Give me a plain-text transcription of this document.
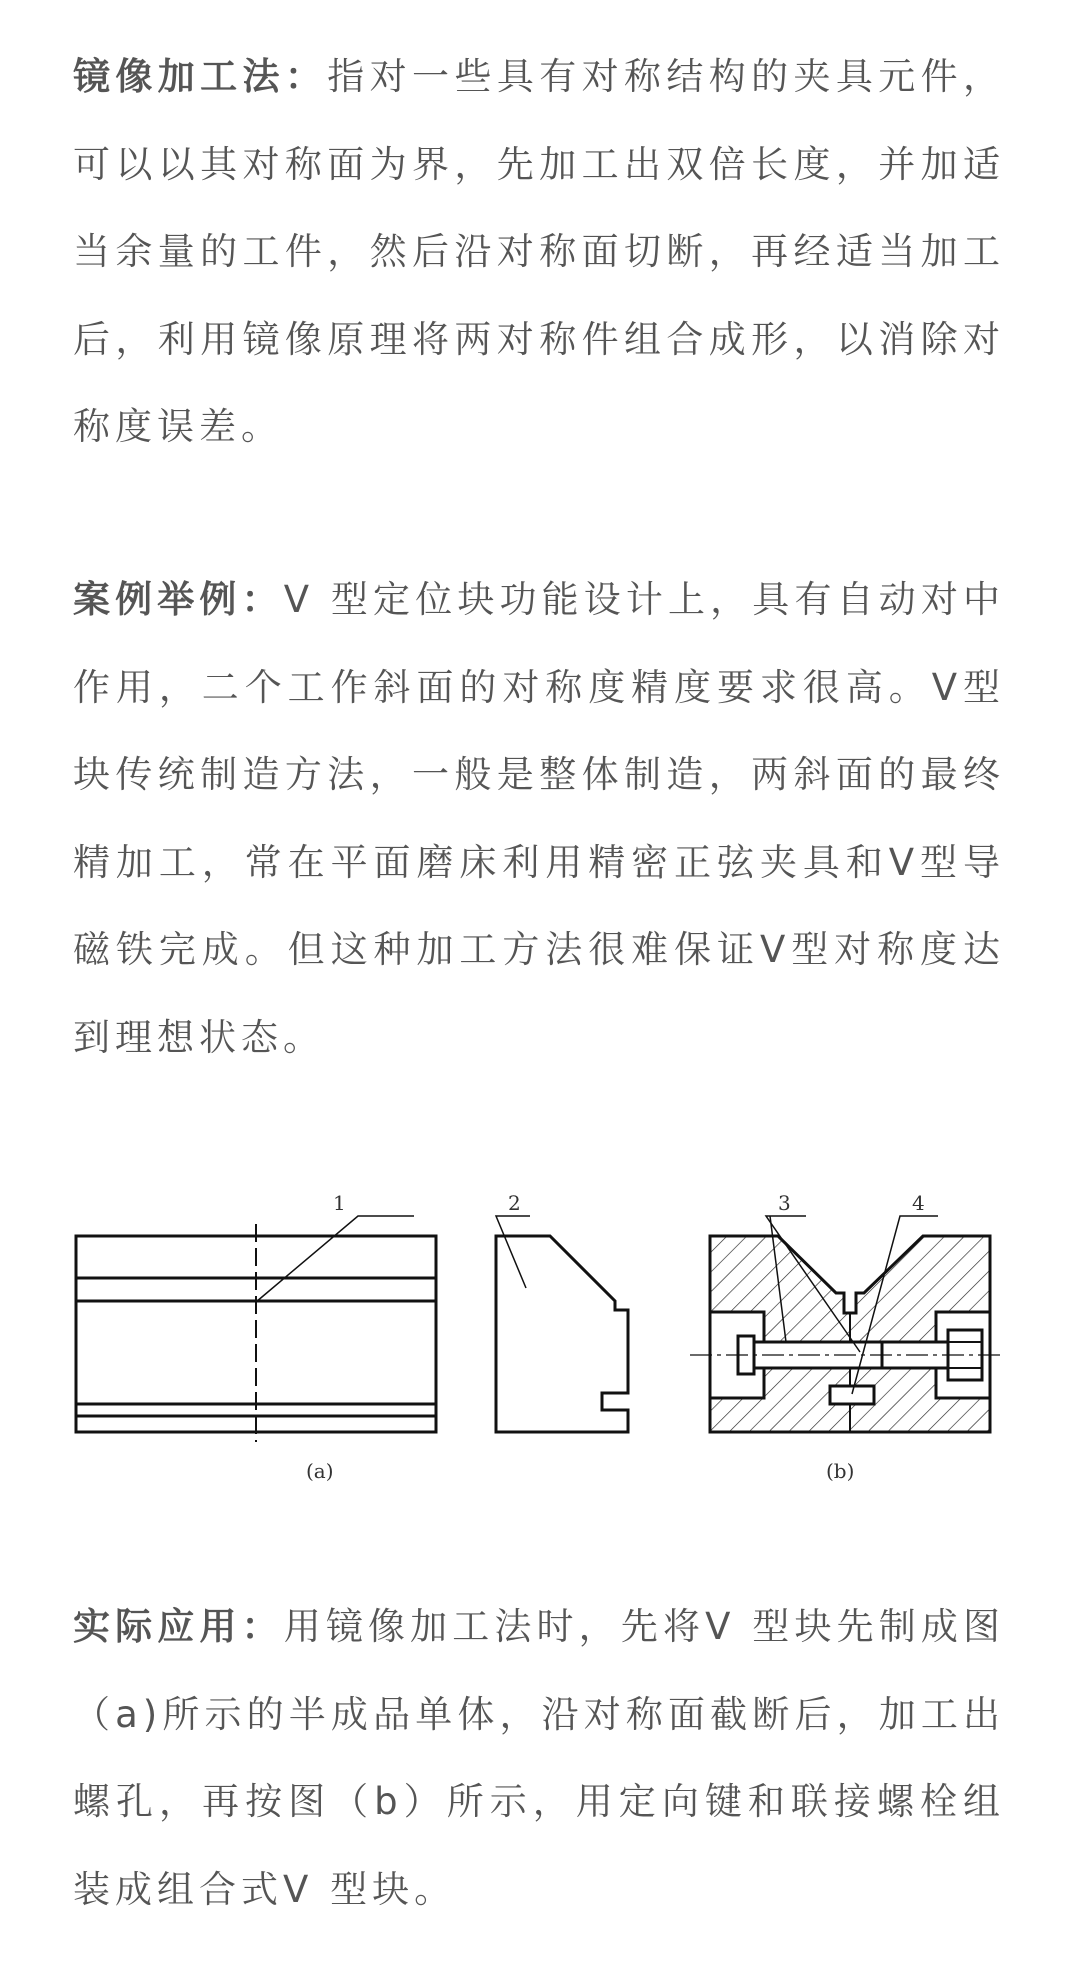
镜像加工法：指对一些具有对称结构的夹具元件，可以以其对称面为界，先加工出双倍长度，并加适当余量的工件，然后沿对称面切断，再经适当加工后，利用镜像原理将两对称件组合成形，以消除对称度误差。

案例举例：V 型定位块功能设计上，具有自动对中作用，二个工作斜面的对称度精度要求很高。V型块传统制造方法，一般是整体制造，两斜面的最终精加工，常在平面磨床利用精密正弦夹具和V型导磁铁完成。但这种加工方法很难保证V型对称度达到理想状态。

1	2	3	4
(a)	(b)

实际应用：用镜像加工法时，先将V 型块先制成图（a)所示的半成品单体，沿对称面截断后，加工出螺孔，再按图（b）所示，用定向键和联接螺栓组装成组合式V 型块。
